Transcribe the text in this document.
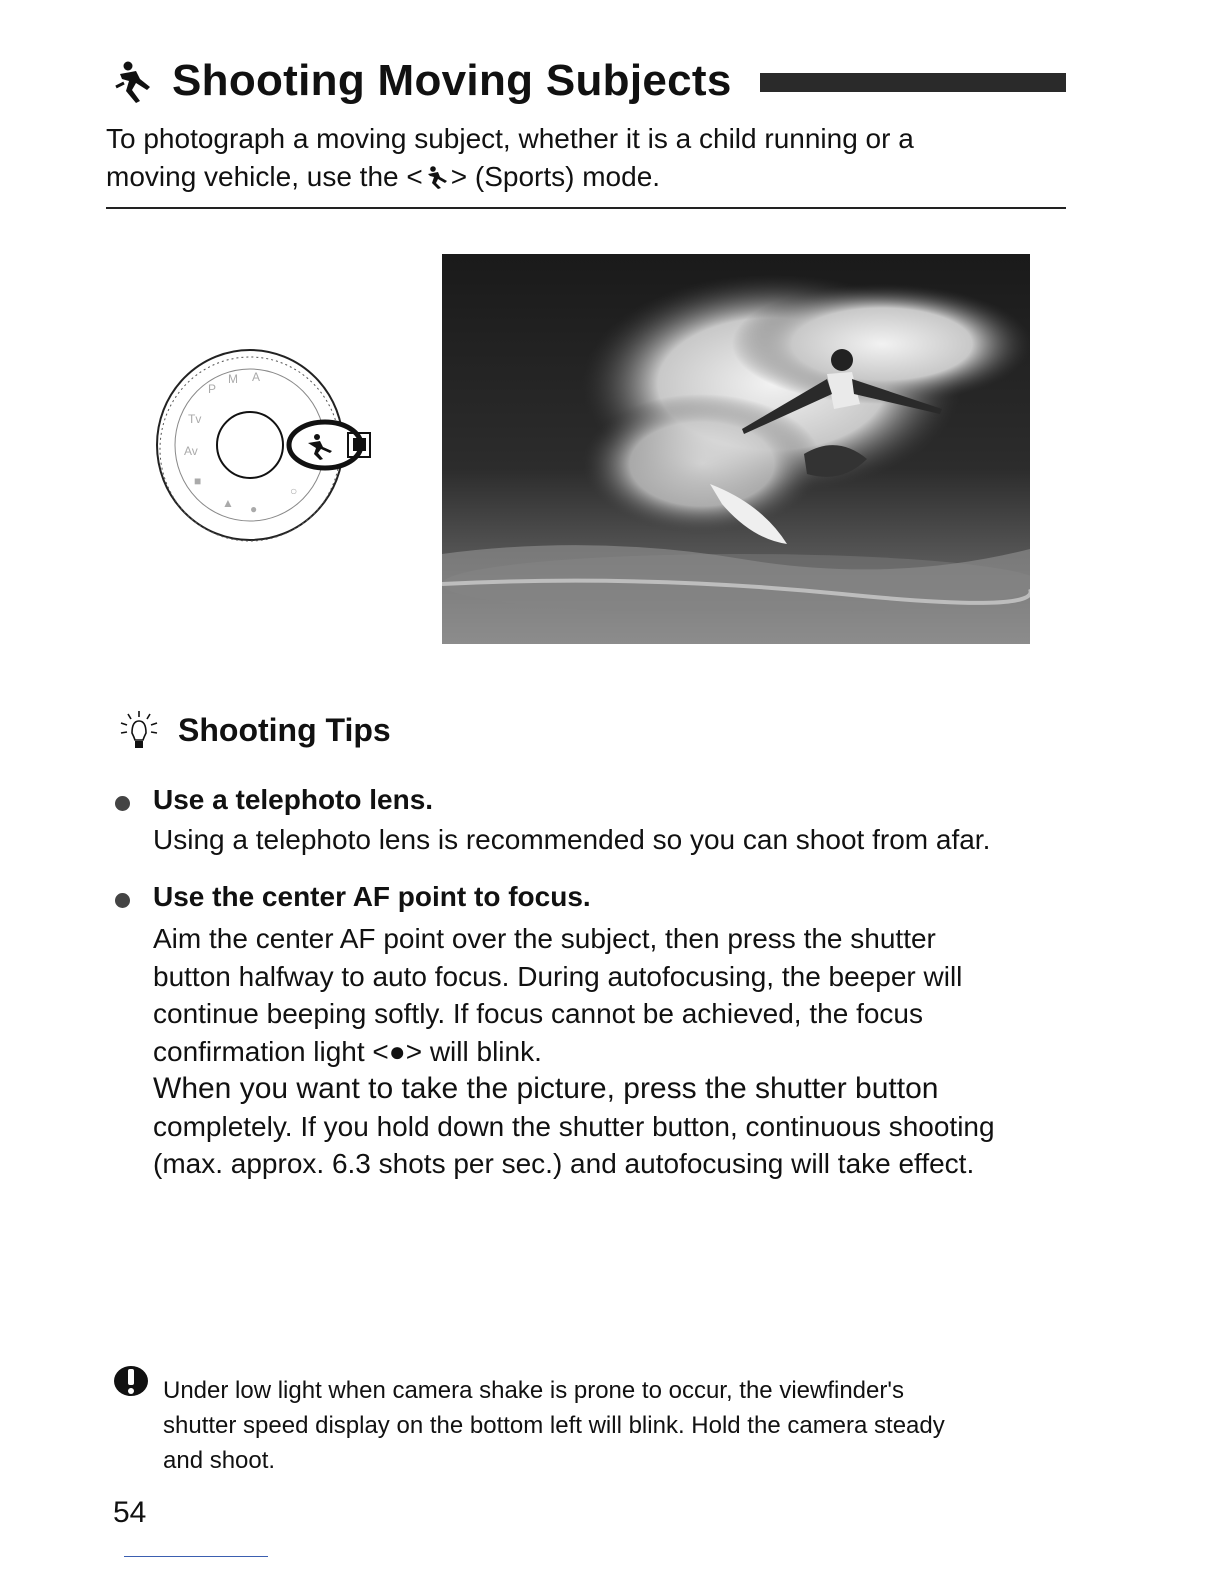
Shooting Moving Subjects
To photograph a moving subject, whether it is a child running or a
moving vehicle, use the < > (Sports) mode.
P
M A
Tv
Av
■
▲ ●
○
Shooting Tips
Use a telephoto lens.
Using a telephoto lens is recommended so you can shoot from afar.
Use the center AF point to focus.
Aim the center AF point over the subject, then press the shutter
button halfway to auto focus. During autofocusing, the beeper will
continue beeping softly. If focus cannot be achieved, the focus
confirmation light <●> will blink.
When you want to take the picture, press the shutter button
completely. If you hold down the shutter button, continuous shooting
(max. approx. 6.3 shots per sec.) and autofocusing will take effect.
Under low light when camera shake is prone to occur, the viewfinder's
shutter speed display on the bottom left will blink. Hold the camera steady
and shoot.
54
